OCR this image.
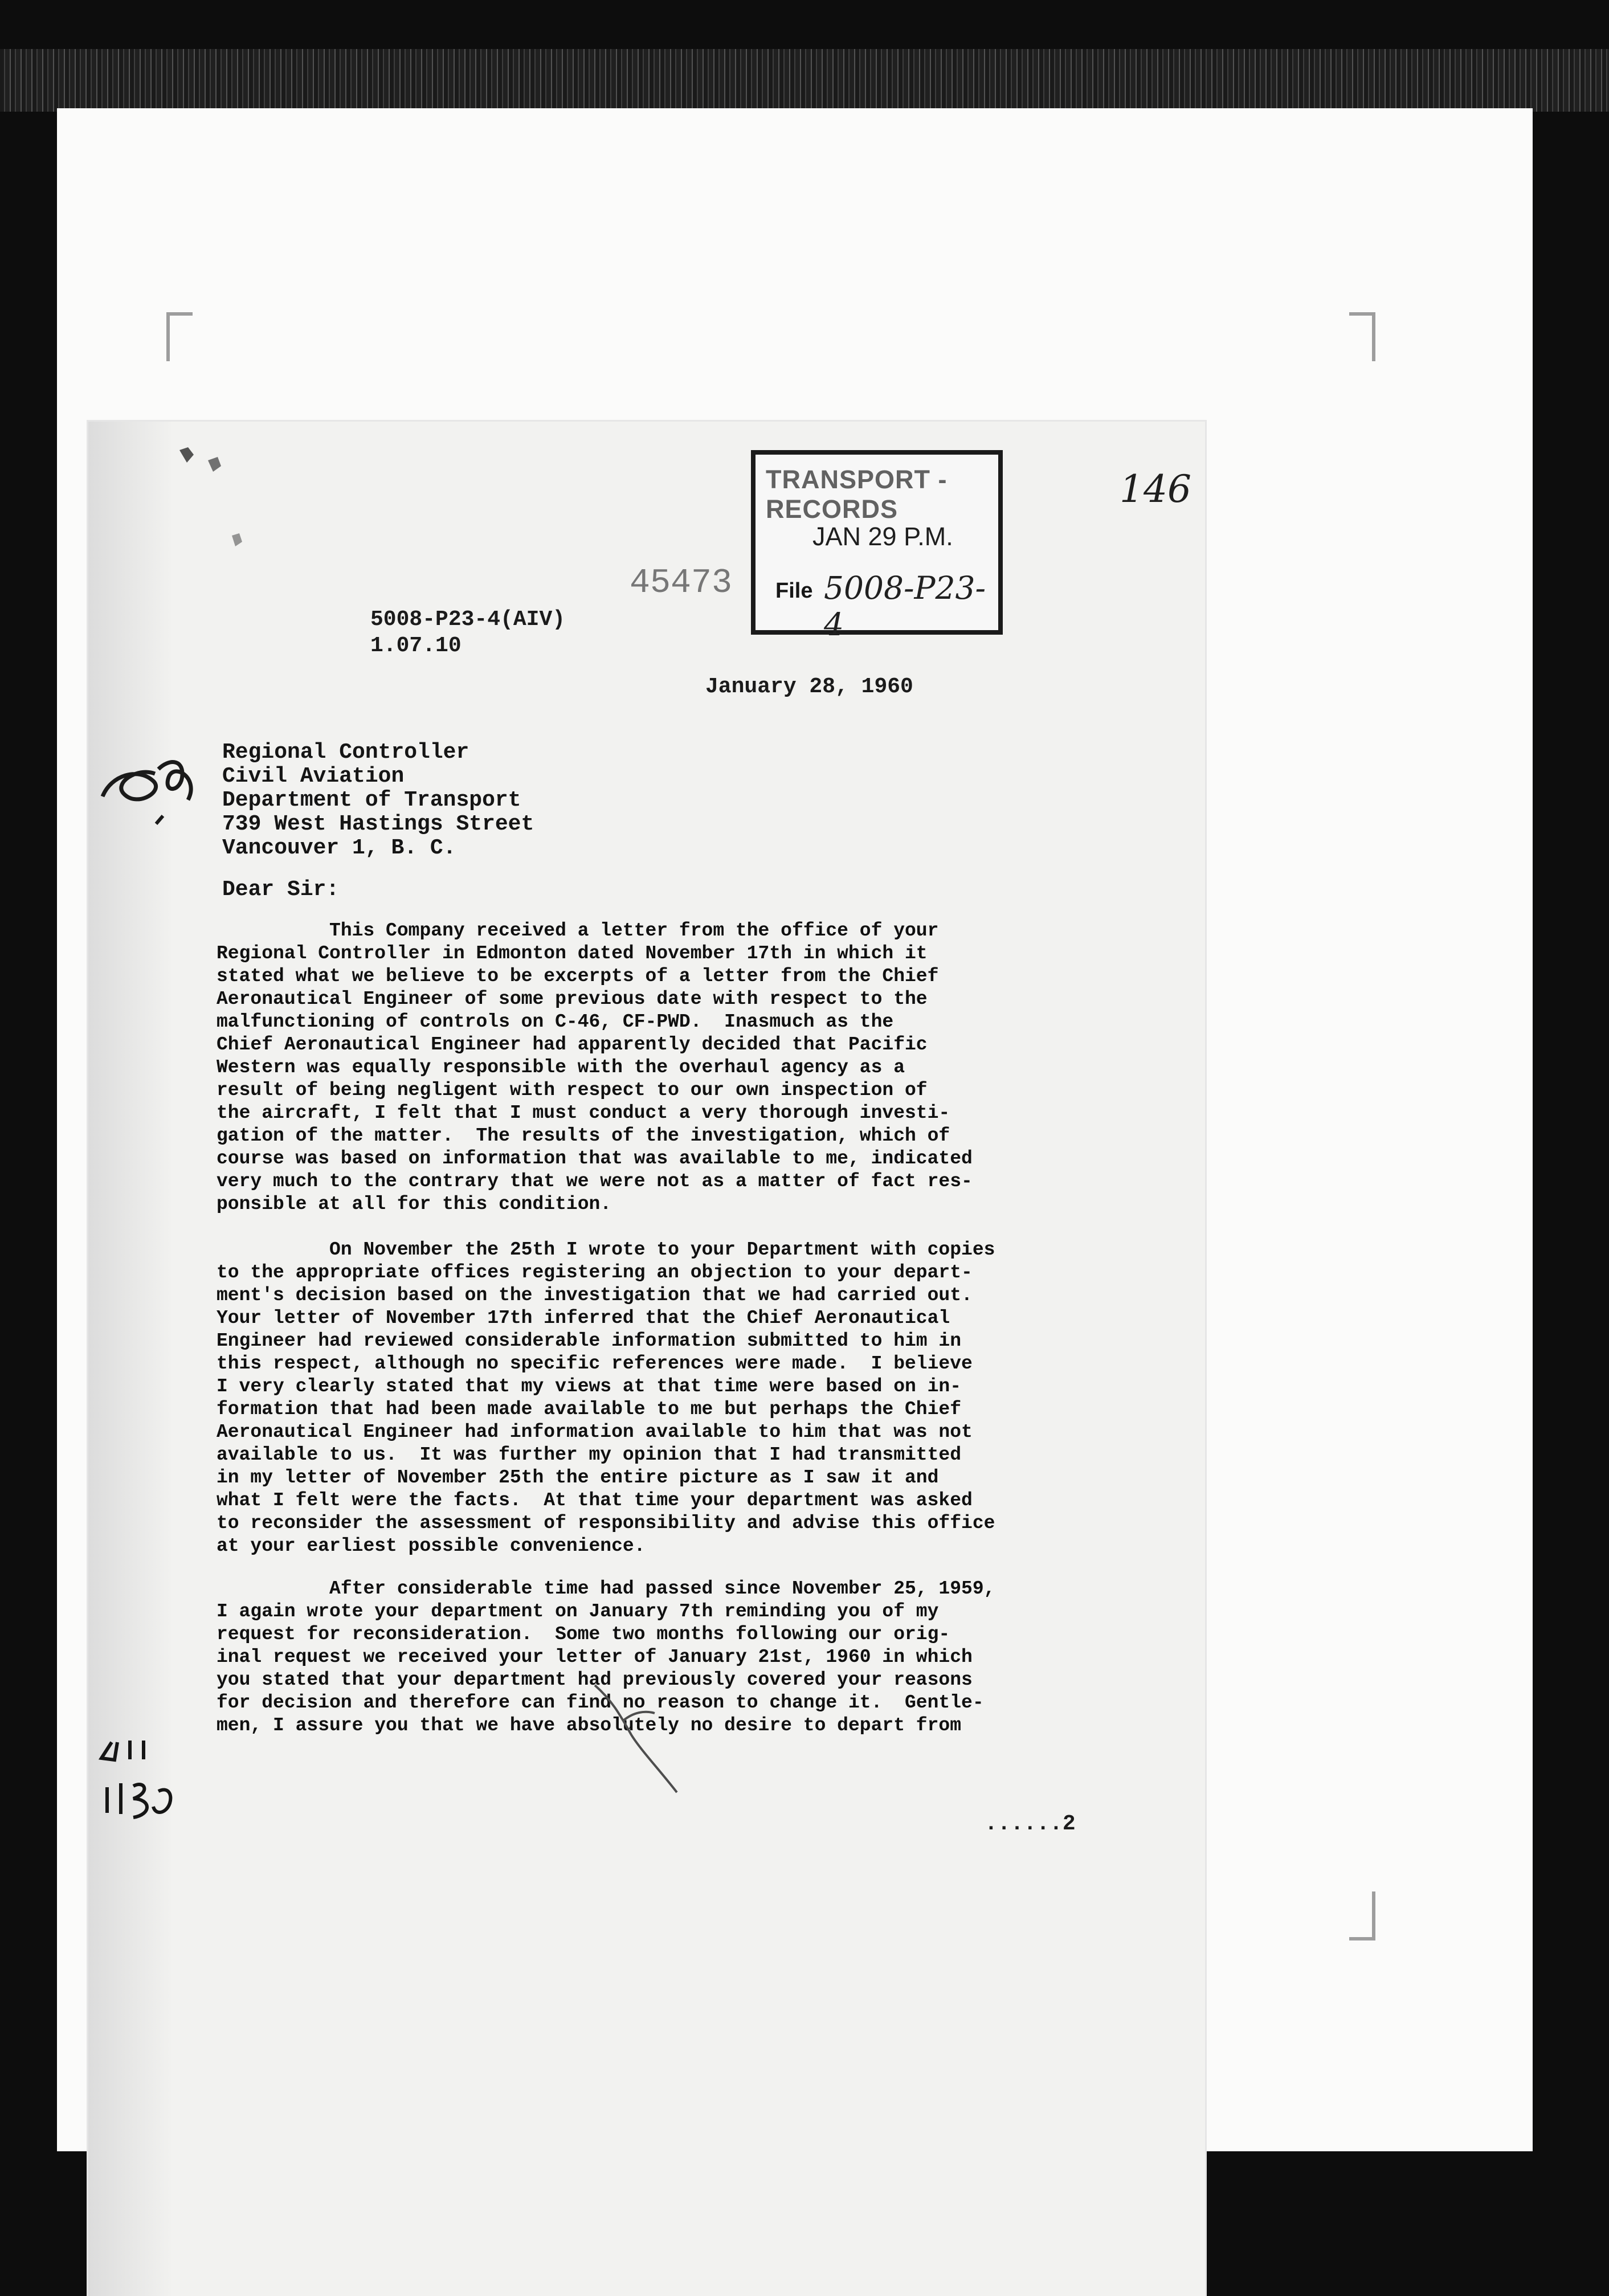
TRANSPORT - RECORDS
JAN 29 P.M.
File 5008-P23-4
45473
146
5008-P23-4(AIV)
1.07.10
January 28, 1960
Regional Controller
Civil Aviation
Department of Transport
739 West Hastings Street
Vancouver 1, B. C.
Dear Sir:
This Company received a letter from the office of your
Regional Controller in Edmonton dated November 17th in which it
stated what we believe to be excerpts of a letter from the Chief
Aeronautical Engineer of some previous date with respect to the
malfunctioning of controls on C-46, CF-PWD.  Inasmuch as the
Chief Aeronautical Engineer had apparently decided that Pacific
Western was equally responsible with the overhaul agency as a
result of being negligent with respect to our own inspection of
the aircraft, I felt that I must conduct a very thorough investi-
gation of the matter.  The results of the investigation, which of
course was based on information that was available to me, indicated
very much to the contrary that we were not as a matter of fact res-
ponsible at all for this condition.
On November the 25th I wrote to your Department with copies
to the appropriate offices registering an objection to your depart-
ment's decision based on the investigation that we had carried out.
Your letter of November 17th inferred that the Chief Aeronautical
Engineer had reviewed considerable information submitted to him in
this respect, although no specific references were made.  I believe
I very clearly stated that my views at that time were based on in-
formation that had been made available to me but perhaps the Chief
Aeronautical Engineer had information available to him that was not
available to us.  It was further my opinion that I had transmitted
in my letter of November 25th the entire picture as I saw it and
what I felt were the facts.  At that time your department was asked
to reconsider the assessment of responsibility and advise this office
at your earliest possible convenience.
After considerable time had passed since November 25, 1959,
I again wrote your department on January 7th reminding you of my
request for reconsideration.  Some two months following our orig-
inal request we received your letter of January 21st, 1960 in which
you stated that your department had previously covered your reasons
for decision and therefore can find no reason to change it.  Gentle-
men, I assure you that we have absolutely no desire to depart from
......2
